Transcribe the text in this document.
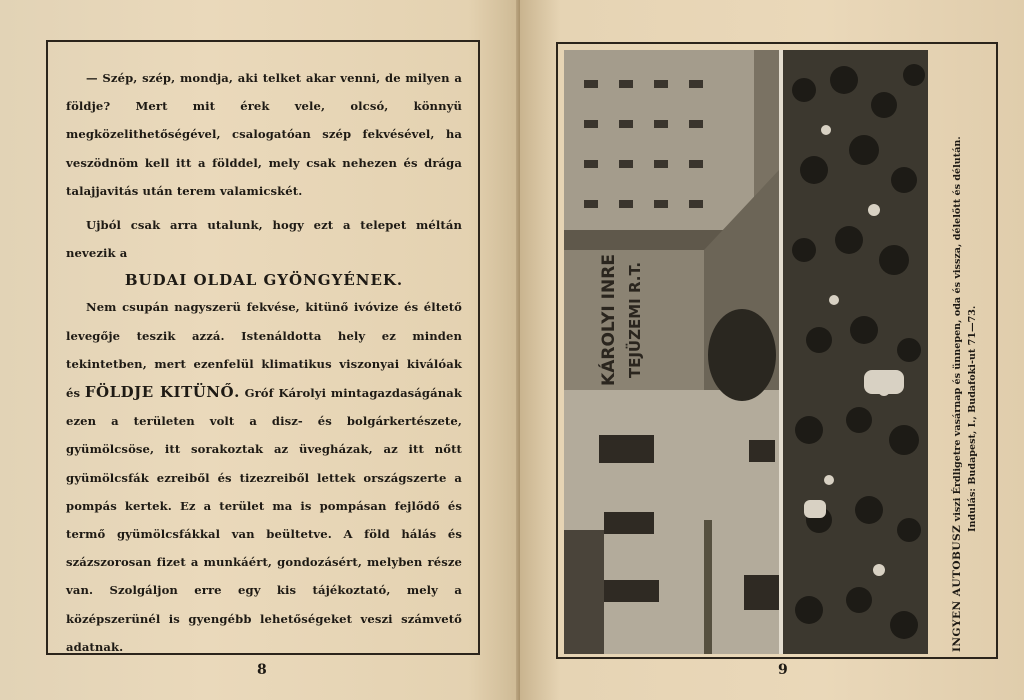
— Szép, szép, mondja, aki telket akar venni, de milyen a földje? Mert mit érek vele, olcsó, könnyü megközelithetőségével, csalogatóan szép fekvésével, ha veszödnöm kell itt a földdel, mely csak nehezen és drága talajjavitás után terem valamicskét.

Ujból csak arra utalunk, hogy ezt a telepet méltán nevezik a

BUDAI OLDAL GYÖNGYÉNEK.

Nem csupán nagyszerü fekvése, kitünő ivóvize és éltető levegője teszik azzá. Istenáldotta hely ez minden tekintetben, mert ezenfelül klimatikus viszonyai kiválóak és FÖLDJE KITÜNŐ. Gróf Károlyi mintagazdaságának ezen a területen volt a disz- és bolgárkertészete, gyümölcsöse, itt sorakoztak az üvegházak, az itt nőtt gyümölcsfák ezreiből és tizezreiből lettek országszerte a pompás kertek. Ez a terület ma is pompásan fejlődő és termő gyümölcsfákkal van beültetve. A föld hálás és százszorosan fizet a munkáért, gondozásért, melyben része van. Szolgáljon erre egy kis tájékoztató, mely a középszerünél is gyengébb lehetőségeket veszi számvető adatnak.

8
KÁROLYI INRE TEJÜZEMI R.T.

INGYEN AUTOBUSZ viszi Érdligetre vasárnap és ünnepen, oda és vissza, délelőtt és délután. Indulás: Budapest, I., Budafoki-ut 71—73.

9
